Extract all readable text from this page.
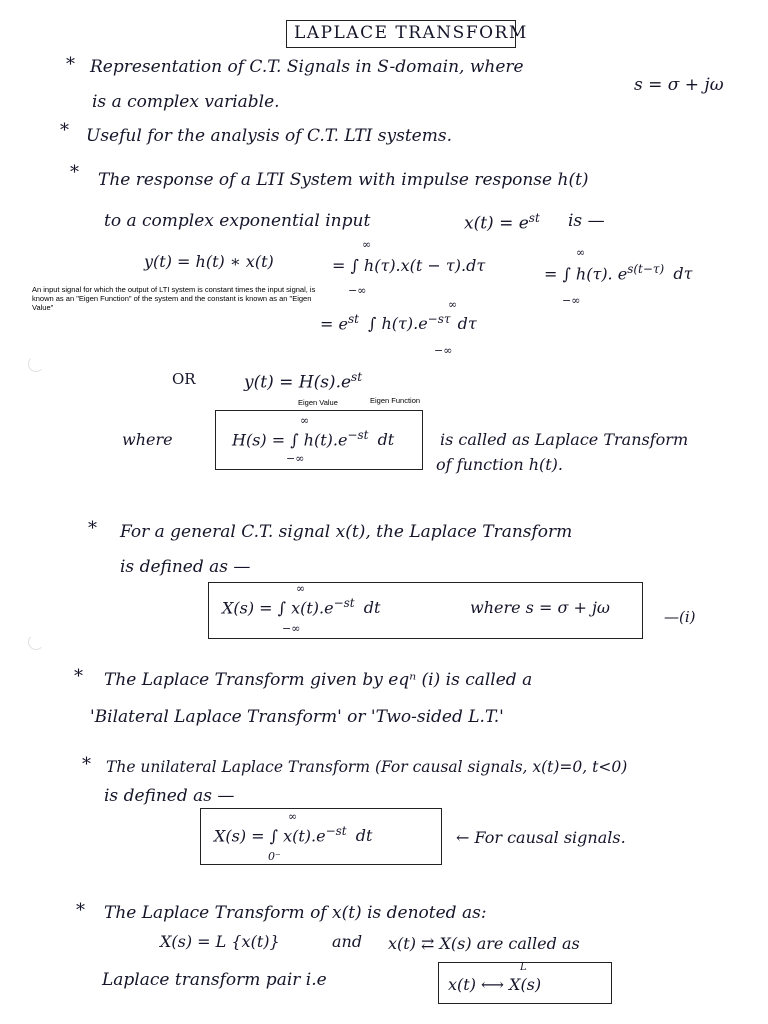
LAPLACE TRANSFORM
* Representation of C.T. Signals in S-domain, where
s = σ + jω
is a complex variable.
* Useful for the analysis of C.T. LTI systems.
* The response of a LTI System with impulse response h(t)
to a complex exponential input	$x(t) = e^{st}$ is —
y(t) = h(t) ∗ x(t)	= ∫ h(τ).x(t − τ).dτ
∞
−∞
= ∫ h(τ). $e^{s(t-\tau)}$ dτ
∞
−∞
An input signal for which the output of LTI system is constant times the input signal, is known as an "Eigen Function" of the system and the constant is known as an "Eigen Value"
= $e^{st}$ ∫ $h(\tau).e^{-s\tau}$ dτ
∞
−∞
OR	$y(t) = H(s).e^{st}$
Eigen Value	Eigen Function
where	H(s) = ∫ $h(t).e^{-st}$ dt
∞
−∞
is called as Laplace Transform
of function h(t).
* For a general C.T. signal x(t), the Laplace Transform
is defined as —
X(s) = ∫ $x(t).e^{-st}$ dt
∞
−∞
where s = σ + jω	—(i)
* The Laplace Transform given by eqⁿ (i) is called a
'Bilateral Laplace Transform' or 'Two-sided L.T.'
* The unilateral Laplace Transform (For causal signals, x(t)=0, t<0)
is defined as —
X(s) = ∫ $x(t).e^{-st}$ dt
∞
0⁻
← For causal signals.
* The Laplace Transform of x(t) is denoted as:
X(s) = L {x(t)}	and x(t) ⇄ X(s) are called as
Laplace transform pair i.e
L
x(t) ⟷ X(s)
